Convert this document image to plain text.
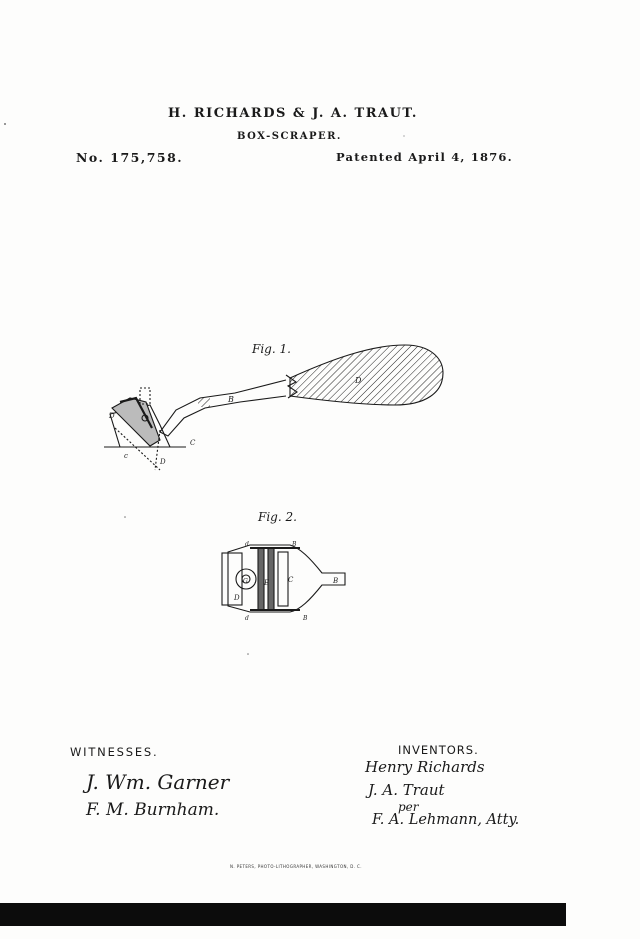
H. RICHARDS & J. A. TRAUT.
BOX-SCRAPER.
No. 175,758.	Patented April 4, 1876.
Fig. 1.
Fig. 2.
B
D
C
c
D
D
D
G E	C	B
d
d
B
B
WITNESSES.
J. Wm. Garner
F. M. Burnham.
INVENTORS.
Henry Richards
J. A. Traut
per
F. A. Lehmann, Atty.
N. PETERS, PHOTO-LITHOGRAPHER, WASHINGTON, D. C.
